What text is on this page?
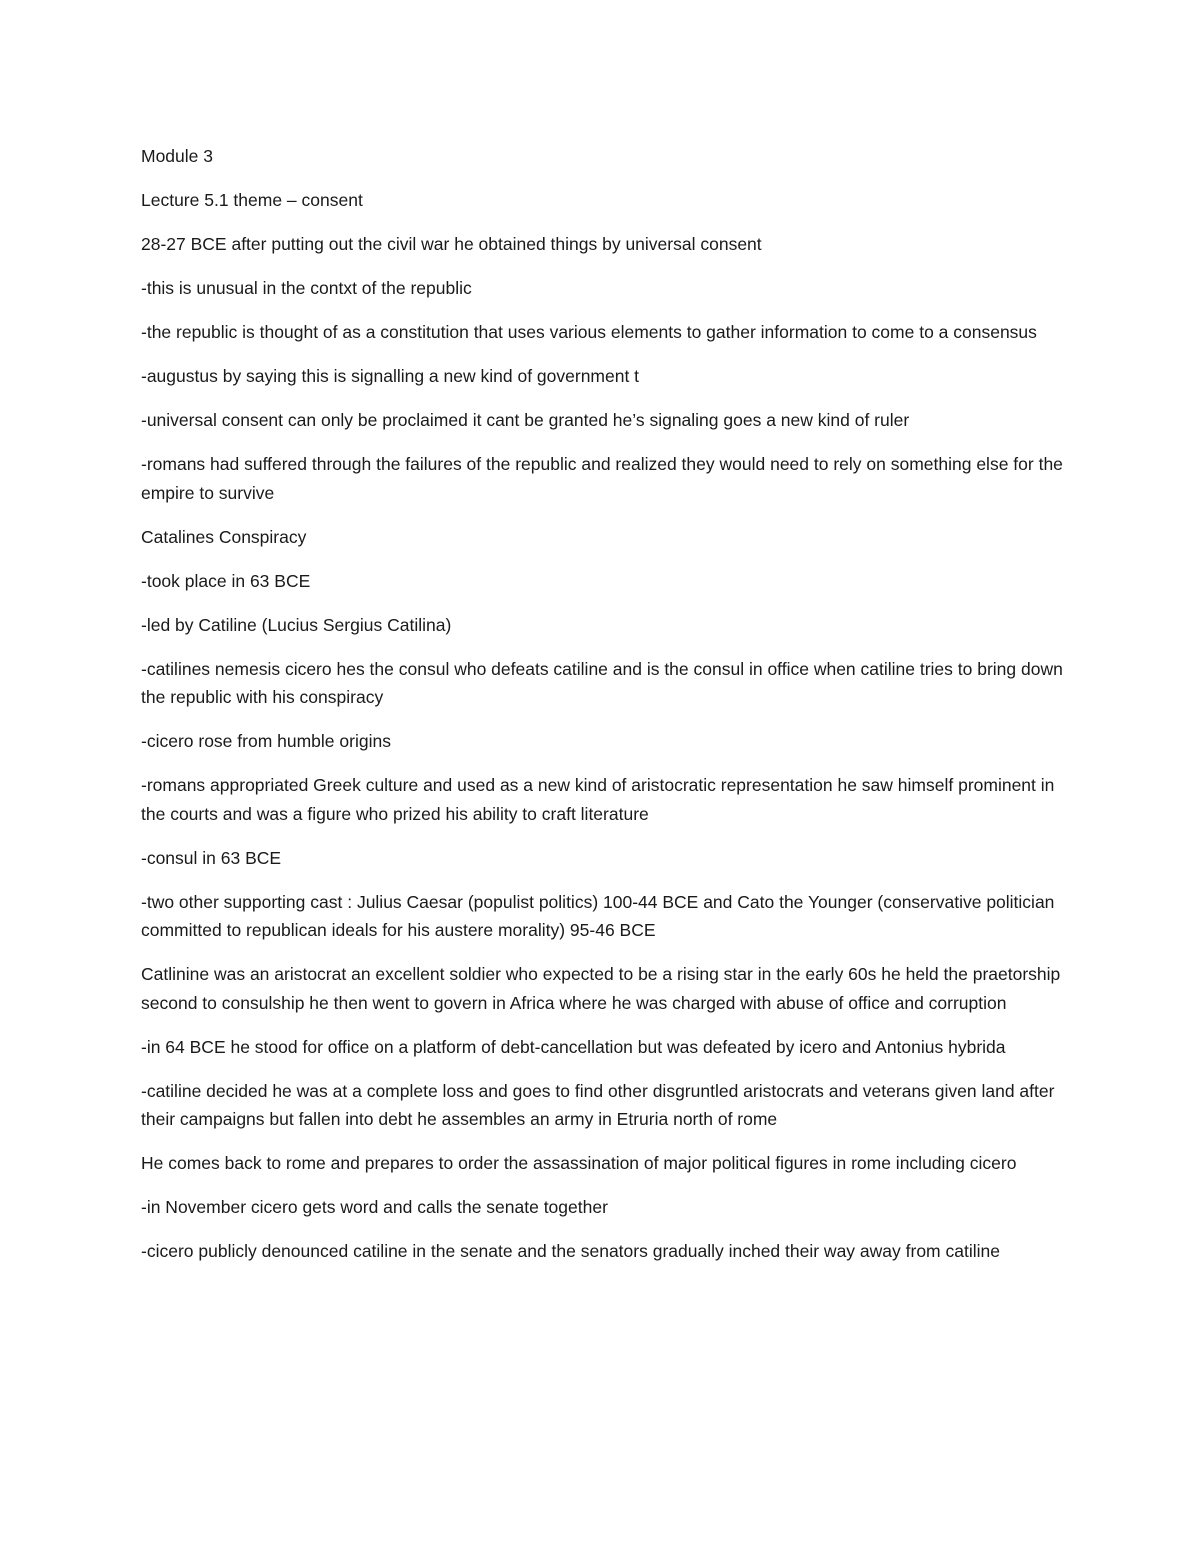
Module 3

Lecture 5.1 theme – consent

28-27 BCE after putting out the civil war he obtained things by universal consent

-this is unusual in the contxt of the republic

-the republic is thought of as a constitution that uses various elements to gather information to come to a consensus

-augustus by saying this is signalling a new kind of government t

-universal consent can only be proclaimed it cant be granted he’s signaling goes a new kind of ruler

-romans had suffered through the failures of the republic and realized they would need to rely on something else for the empire to survive

Catalines Conspiracy

-took place in 63 BCE

-led by Catiline (Lucius Sergius Catilina)

-catilines nemesis cicero hes the consul who defeats catiline and is the consul in office when catiline tries to bring down the republic with his conspiracy

-cicero rose from humble origins

-romans appropriated Greek culture and used as a new kind of aristocratic representation he saw himself prominent in the courts and was a figure who prized his ability to craft literature

-consul in 63 BCE

-two other supporting cast : Julius Caesar (populist politics) 100-44 BCE and Cato the Younger (conservative politician committed to republican ideals for his austere morality) 95-46 BCE

Catlinine was an aristocrat an excellent soldier who expected to be a rising star in the early 60s he held the praetorship second to consulship he then went to govern in Africa where he was charged with abuse of office and corruption

-in 64 BCE he stood for office on a platform of debt-cancellation but was defeated by icero and Antonius hybrida

-catiline decided he was at a complete loss and goes to find other disgruntled aristocrats and veterans given land after their campaigns but fallen into debt he assembles an army in Etruria north of rome

He comes back to rome and prepares to order the assassination of major political figures in rome including cicero

-in November cicero gets word and calls the senate together

-cicero publicly denounced catiline in the senate and the senators gradually inched their way away from catiline
